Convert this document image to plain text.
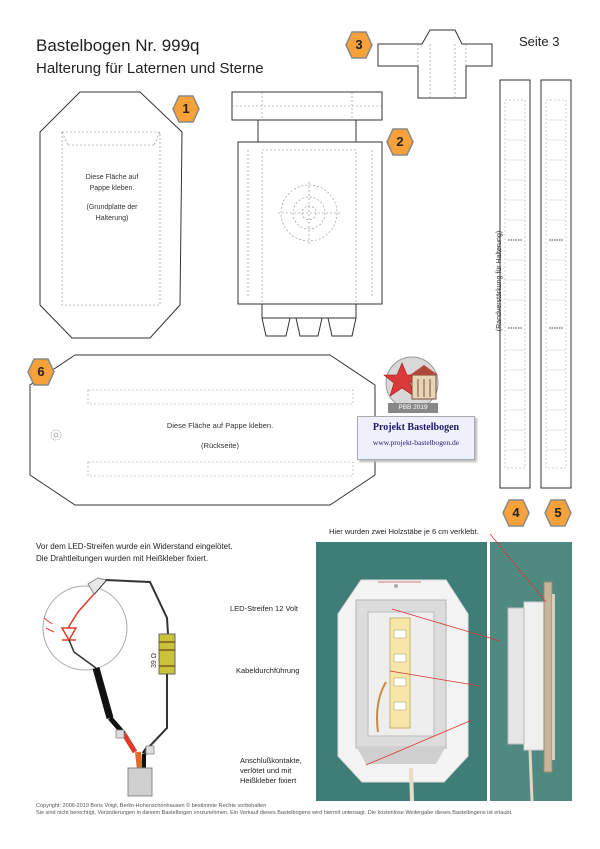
Bastelbogen Nr. 999q
Halterung für Laternen und Sterne
Seite 3
Diese Fläche auf
Pappe kleben.
(Grundplatte der
Halterung)
Diese Fläche auf Pappe kleben.
(Rückseite)
(Randverstärkung für Halterung)
1
2
3
4	5
6
PBB 2019
Projekt Bastelbogen
www.projekt-bastelbogen.de
Vor dem LED-Streifen wurde ein Widerstand eingelötet.
Die Drahtleitungen wurden mit Heißkleber fixiert.
39 Ω
Hier wurden zwei Holzstäbe je 6 cm verklebt.
LED-Streifen 12 Volt
Kabeldurchführung
Anschlußkontakte,
verlötet und mit
Heißkleber fixiert
Copyright: 2006-2019 Boris Voigt, Berlin-Hohenschönhausen © bestimmte Rechte vorbehalten
Sie sind nicht berechtigt, Veränderungen in diesem Bastelbogen vorzunehmen. Ein Verkauf dieses Bastelbogens wird hiermit untersagt. Die kostenlose Weitergabe dieses Bastelbogens ist erlaubt.
